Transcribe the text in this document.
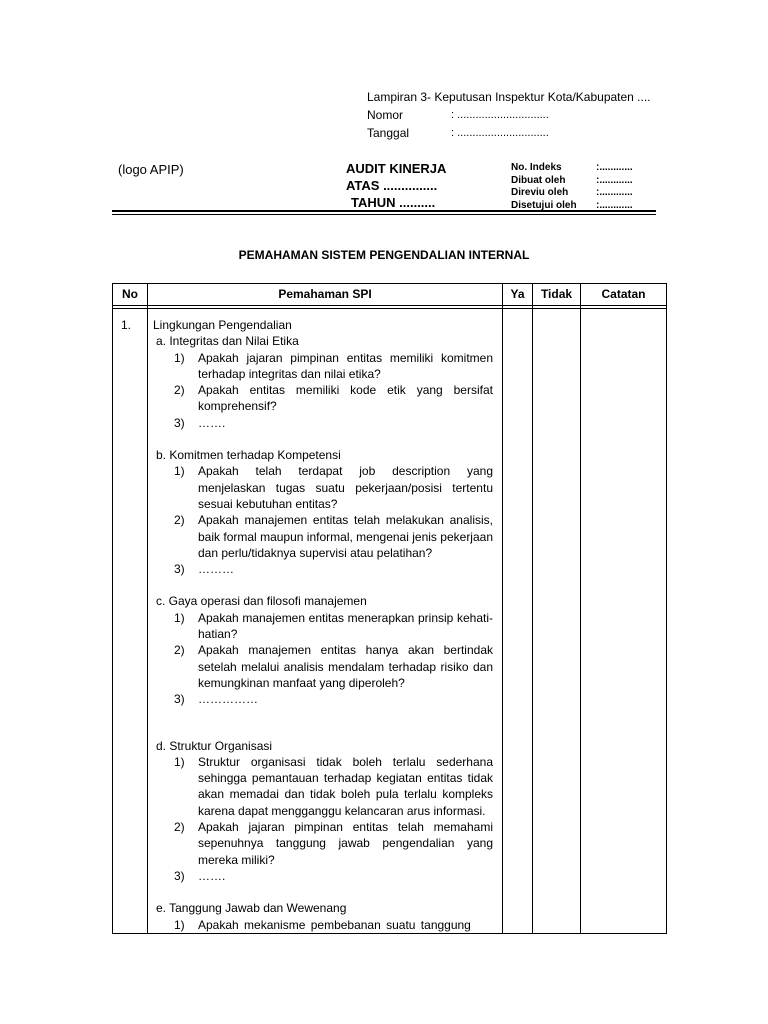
Lampiran 3- Keputusan Inspektur Kota/Kabupaten ....
Nomor	: ..............................
Tanggal	: ..............................
(logo APIP)	AUDIT KINERJA
ATAS ...............
TAHUN ..........
No. Indeks	:............
Dibuat oleh	:............
Direviu oleh	:............
Disetujui oleh	:............
PEMAHAMAN SISTEM PENGENDALIAN INTERNAL
No	Pemahaman SPI	Ya	Tidak	Catatan
1. Lingkungan Pengendalian
a. Integritas dan Nilai Etika
1)	Apakah jajaran pimpinan entitas memiliki komitmen terhadap integritas dan nilai etika?
2)	Apakah entitas memiliki kode etik yang bersifat komprehensif?
3)	…….
b. Komitmen terhadap Kompetensi
1)	Apakah telah terdapat job description yang menjelaskan tugas suatu pekerjaan/posisi tertentu sesuai kebutuhan entitas?
2)	Apakah manajemen entitas telah melakukan analisis, baik formal maupun informal, mengenai jenis pekerjaan dan perlu/tidaknya supervisi atau pelatihan?
3)	………
c. Gaya operasi dan filosofi manajemen
1)	Apakah manajemen entitas menerapkan prinsip kehati-hatian?
2)	Apakah manajemen entitas hanya akan bertindak setelah melalui analisis mendalam terhadap risiko dan kemungkinan manfaat yang diperoleh?
3)	……………
d. Struktur Organisasi
1)	Struktur organisasi tidak boleh terlalu sederhana sehingga pemantauan terhadap kegiatan entitas tidak akan memadai dan tidak boleh pula terlalu kompleks karena dapat mengganggu kelancaran arus informasi.
2)	Apakah jajaran pimpinan entitas telah memahami sepenuhnya tanggung jawab pengendalian yang mereka miliki?
3)	…….
e. Tanggung Jawab dan Wewenang
1)	Apakah mekanisme pembebanan suatu tanggung
